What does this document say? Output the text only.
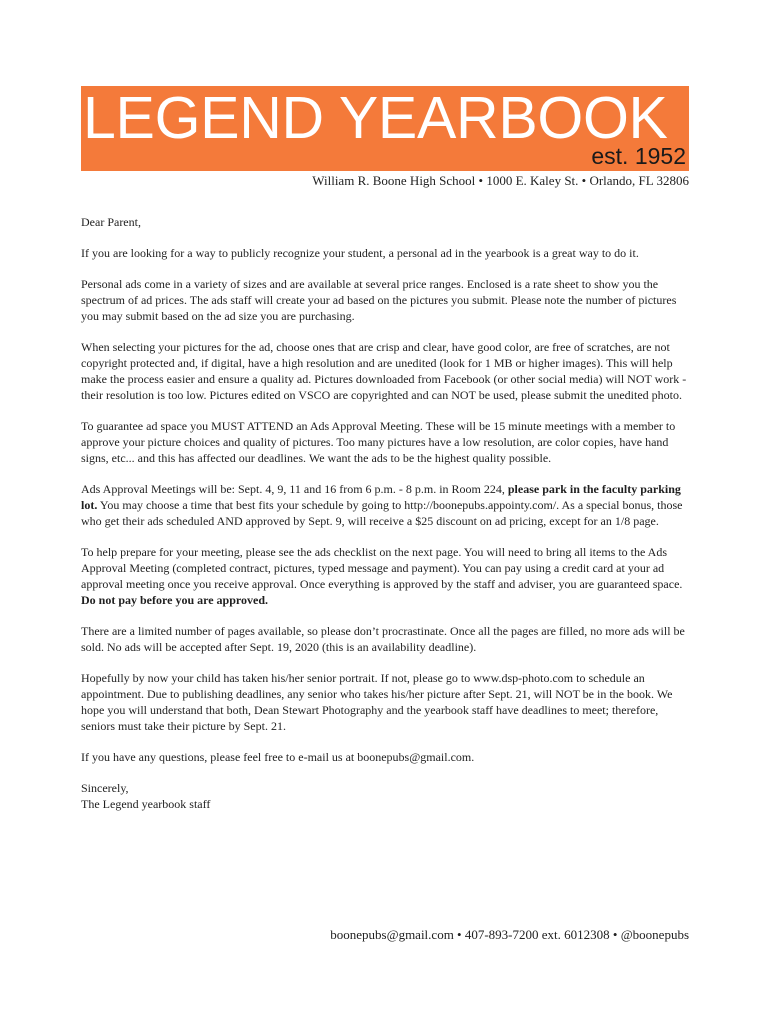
LEGEND YEARBOOK
est. 1952
William R. Boone High School • 1000 E. Kaley St. • Orlando, FL 32806

Dear Parent,

If you are looking for a way to publicly recognize your student, a personal ad in the yearbook is a great way to do it.

Personal ads come in a variety of sizes and are available at several price ranges. Enclosed is a rate sheet to show you the spectrum of ad prices. The ads staff will create your ad based on the pictures you submit. Please note the number of pictures you may submit based on the ad size you are purchasing.

When selecting your pictures for the ad, choose ones that are crisp and clear, have good color, are free of scratches, are not copyright protected and, if digital, have a high resolution and are unedited (look for 1 MB or higher images). This will help make the process easier and ensure a quality ad. Pictures downloaded from Facebook (or other social media) will NOT work - their resolution is too low. Pictures edited on VSCO are copyrighted and can NOT be used, please submit the unedited photo.

To guarantee ad space you MUST ATTEND an Ads Approval Meeting. These will be 15 minute meetings with a member to approve your picture choices and quality of pictures. Too many pictures have a low resolution, are color copies, have hand signs, etc... and this has affected our deadlines. We want the ads to be the highest quality possible.

Ads Approval Meetings will be: Sept. 4, 9, 11 and 16 from 6 p.m. - 8 p.m. in Room 224, please park in the faculty parking lot. You may choose a time that best fits your schedule by going to http://boonepubs.appointy.com/. As a special bonus, those who get their ads scheduled AND approved by Sept. 9, will receive a $25 discount on ad pricing, except for an 1/8 page.

To help prepare for your meeting, please see the ads checklist on the next page. You will need to bring all items to the Ads Approval Meeting (completed contract, pictures, typed message and payment). You can pay using a credit card at your ad approval meeting once you receive approval. Once everything is approved by the staff and adviser, you are guaranteed space. Do not pay before you are approved.

There are a limited number of pages available, so please don’t procrastinate. Once all the pages are filled, no more ads will be sold. No ads will be accepted after Sept. 19, 2020 (this is an availability deadline).

Hopefully by now your child has taken his/her senior portrait. If not, please go to www.dsp-photo.com to schedule an appointment. Due to publishing deadlines, any senior who takes his/her picture after Sept. 21, will NOT be in the book. We hope you will understand that both, Dean Stewart Photography and the yearbook staff have deadlines to meet; therefore, seniors must take their picture by Sept. 21.

If you have any questions, please feel free to e-mail us at boonepubs@gmail.com.

Sincerely,
The Legend yearbook staff
boonepubs@gmail.com • 407-893-7200 ext. 6012308 • @boonepubs
